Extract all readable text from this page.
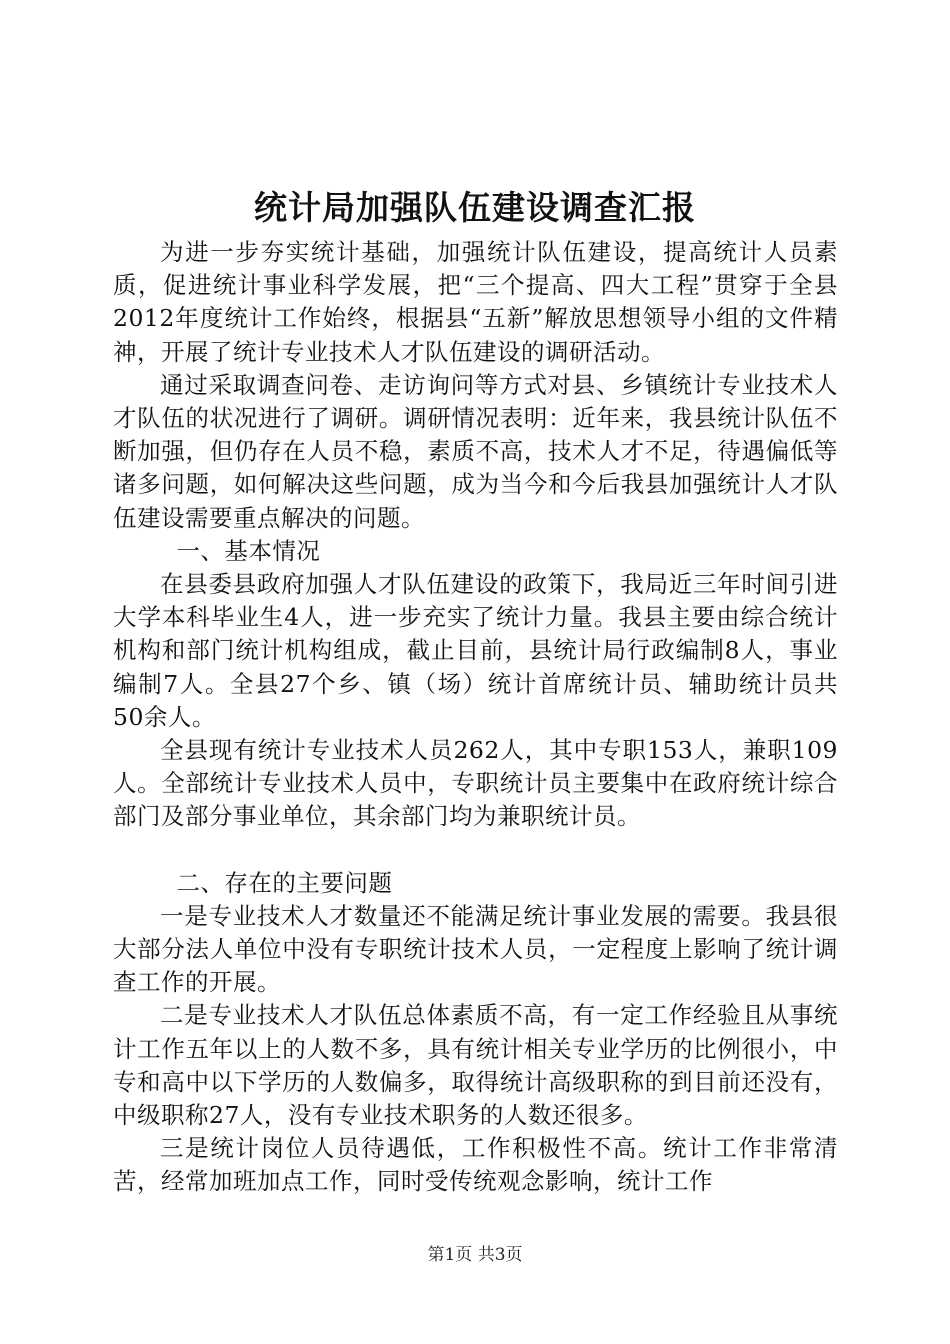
统计局加强队伍建设调查汇报

为进一步夯实统计基础，加强统计队伍建设，提高统计人员素质，促进统计事业科学发展，把“三个提高、四大工程”贯穿于全县2012年度统计工作始终，根据县“五新”解放思想领导小组的文件精神，开展了统计专业技术人才队伍建设的调研活动。

通过采取调查问卷、走访询问等方式对县、乡镇统计专业技术人才队伍的状况进行了调研。调研情况表明：近年来，我县统计队伍不断加强，但仍存在人员不稳，素质不高，技术人才不足，待遇偏低等诸多问题，如何解决这些问题，成为当今和今后我县加强统计人才队伍建设需要重点解决的问题。

一、基本情况

在县委县政府加强人才队伍建设的政策下，我局近三年时间引进大学本科毕业生4人，进一步充实了统计力量。我县主要由综合统计机构和部门统计机构组成，截止目前，县统计局行政编制8人，事业编制7人。全县27个乡、镇（场）统计首席统计员、辅助统计员共50余人。

全县现有统计专业技术人员262人，其中专职153人，兼职109人。全部统计专业技术人员中，专职统计员主要集中在政府统计综合部门及部分事业单位，其余部门均为兼职统计员。

二、存在的主要问题

一是专业技术人才数量还不能满足统计事业发展的需要。我县很大部分法人单位中没有专职统计技术人员，一定程度上影响了统计调查工作的开展。

二是专业技术人才队伍总体素质不高，有一定工作经验且从事统计工作五年以上的人数不多，具有统计相关专业学历的比例很小，中专和高中以下学历的人数偏多，取得统计高级职称的到目前还没有，中级职称27人，没有专业技术职务的人数还很多。

三是统计岗位人员待遇低，工作积极性不高。统计工作非常清苦，经常加班加点工作，同时受传统观念影响，统计工作

第1页 共3页
